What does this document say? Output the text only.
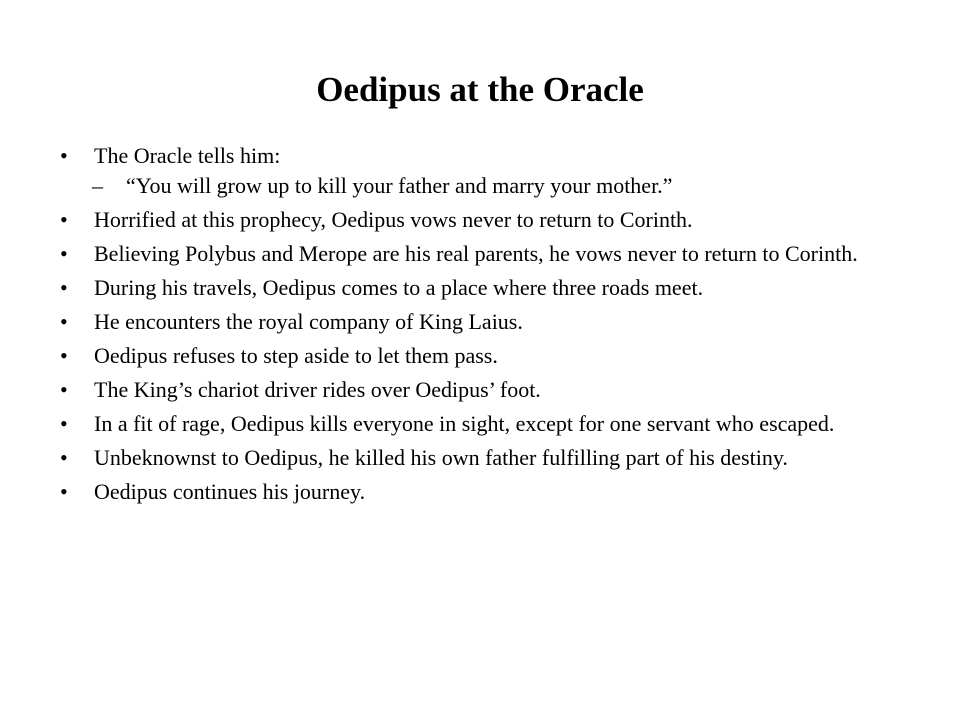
Oedipus at the Oracle
• The Oracle tells him:
– “You will grow up to kill your father and marry your mother.”
• Horrified at this prophecy, Oedipus vows never to return to Corinth.
• Believing Polybus and Merope are his real parents, he vows never to return to Corinth.
• During his travels, Oedipus comes to a place where three roads meet.
• He encounters the royal company of King Laius.
• Oedipus refuses to step aside to let them pass.
• The King’s chariot driver rides over Oedipus’ foot.
• In a fit of rage, Oedipus kills everyone in sight, except for one servant who escaped.
• Unbeknownst to Oedipus, he killed his own father fulfilling part of his destiny.
• Oedipus continues his journey.
